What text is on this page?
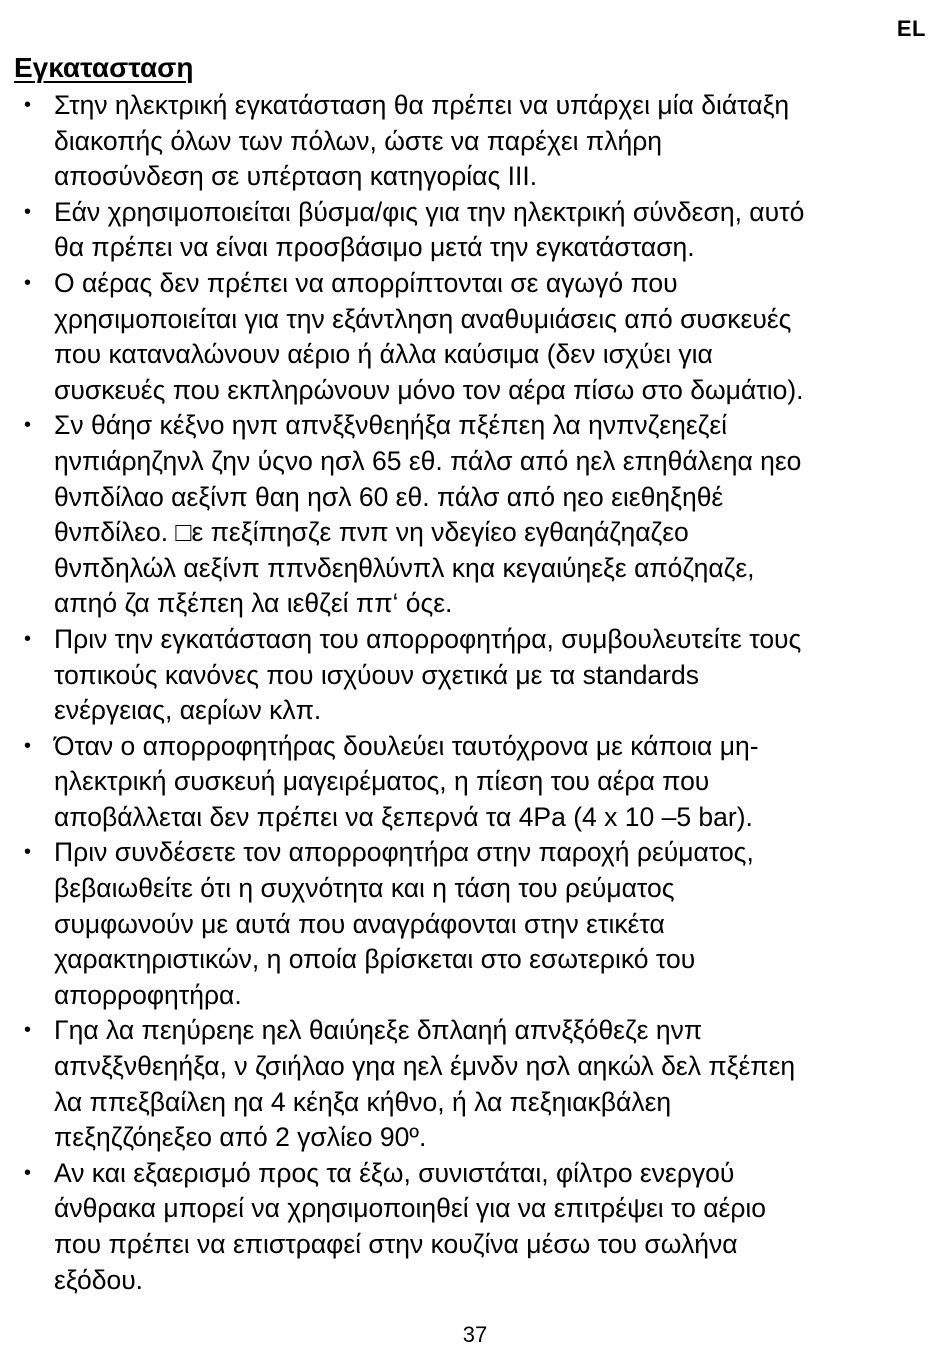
EL
Εγκατασταση
• Στην ηλεκτρική εγκατάσταση θα πρέπει να υπάρχει μία διάταξη
διακοπής όλων των πόλων, ώστε να παρέχει πλήρη
αποσύνδεση σε υπέρταση κατηγορίας III.
• Εάν χρησιμοποιείται βύσμα/φις για την ηλεκτρική σύνδεση, αυτό
θα πρέπει να είναι προσβάσιμο μετά την εγκατάσταση.
• Ο αέρας δεν πρέπει να απορρίπτονται σε αγωγό που
χρησιμοποιείται για την εξάντληση αναθυμιάσεις από συσκευές
που καταναλώνουν αέριο ή άλλα καύσιμα (δεν ισχύει για
συσκευές που εκπληρώνουν μόνο τον αέρα πίσω στο δωμάτιο).
• Σν θάησ κέξνο ηνπ απνξξνθεηήξα πξέπεη λα ηνπνζεηεζεί
ηνπιάρηζηνλ ζην ύςνο ησλ 65 εθ. πάλσ από ηελ επηθάλεηα ηεο
θνπδίλαο αεξίνπ θαη ησλ 60 εθ. πάλσ από ηεο ειεθηξηθέ
θνπδίλεο. □ε πεξίπησζε πνπ νη νδεγίεο εγθαηάζηαζεο
θνπδηλώλ αεξίνπ ππνδεηθλύνπλ κηα κεγαιύηεξε απόζηαζε,
απηό ζα πξέπεη λα ιεθζεί ππ‘ όςε.
• Πριν την εγκατάσταση του απορροφητήρα, συμβουλευτείτε τους
τοπικούς κανόνες που ισχύουν σχετικά με τα standards
ενέργειας, αερίων κλπ.
• Όταν ο απορροφητήρας δουλεύει ταυτόχρονα με κάποια μη-
ηλεκτρική συσκευή μαγειρέματος, η πίεση του αέρα που
αποβάλλεται δεν πρέπει να ξεπερνά τα 4Pa (4 x 10 –5 bar).
• Πριν συνδέσετε τον απορροφητήρα στην παροχή ρεύματος,
βεβαιωθείτε ότι η συχνότητα και η τάση του ρεύματος
συμφωνούν με αυτά που αναγράφονται στην ετικέτα
χαρακτηριστικών, η οποία βρίσκεται στο εσωτερικό του
απορροφητήρα.
• Γηα λα πεηύρεηε ηελ θαιύηεξε δπλαηή απνξξόθεζε ηνπ
απνξξνθεηήξα, ν ζσιήλαο γηα ηελ έμνδν ησλ αηκώλ δελ πξέπεη
λα ππεξβαίλεη ηα 4 κέηξα κήθνο, ή λα πεξηιακβάλεη
πεξηζζόηεξεο από 2 γσλίεο 90º.
• Αν και εξαερισμό προς τα έξω, συνιστάται, φίλτρο ενεργού
άνθρακα μπορεί να χρησιμοποιηθεί για να επιτρέψει το αέριο
που πρέπει να επιστραφεί στην κουζίνα μέσω του σωλήνα
εξόδου.
37
